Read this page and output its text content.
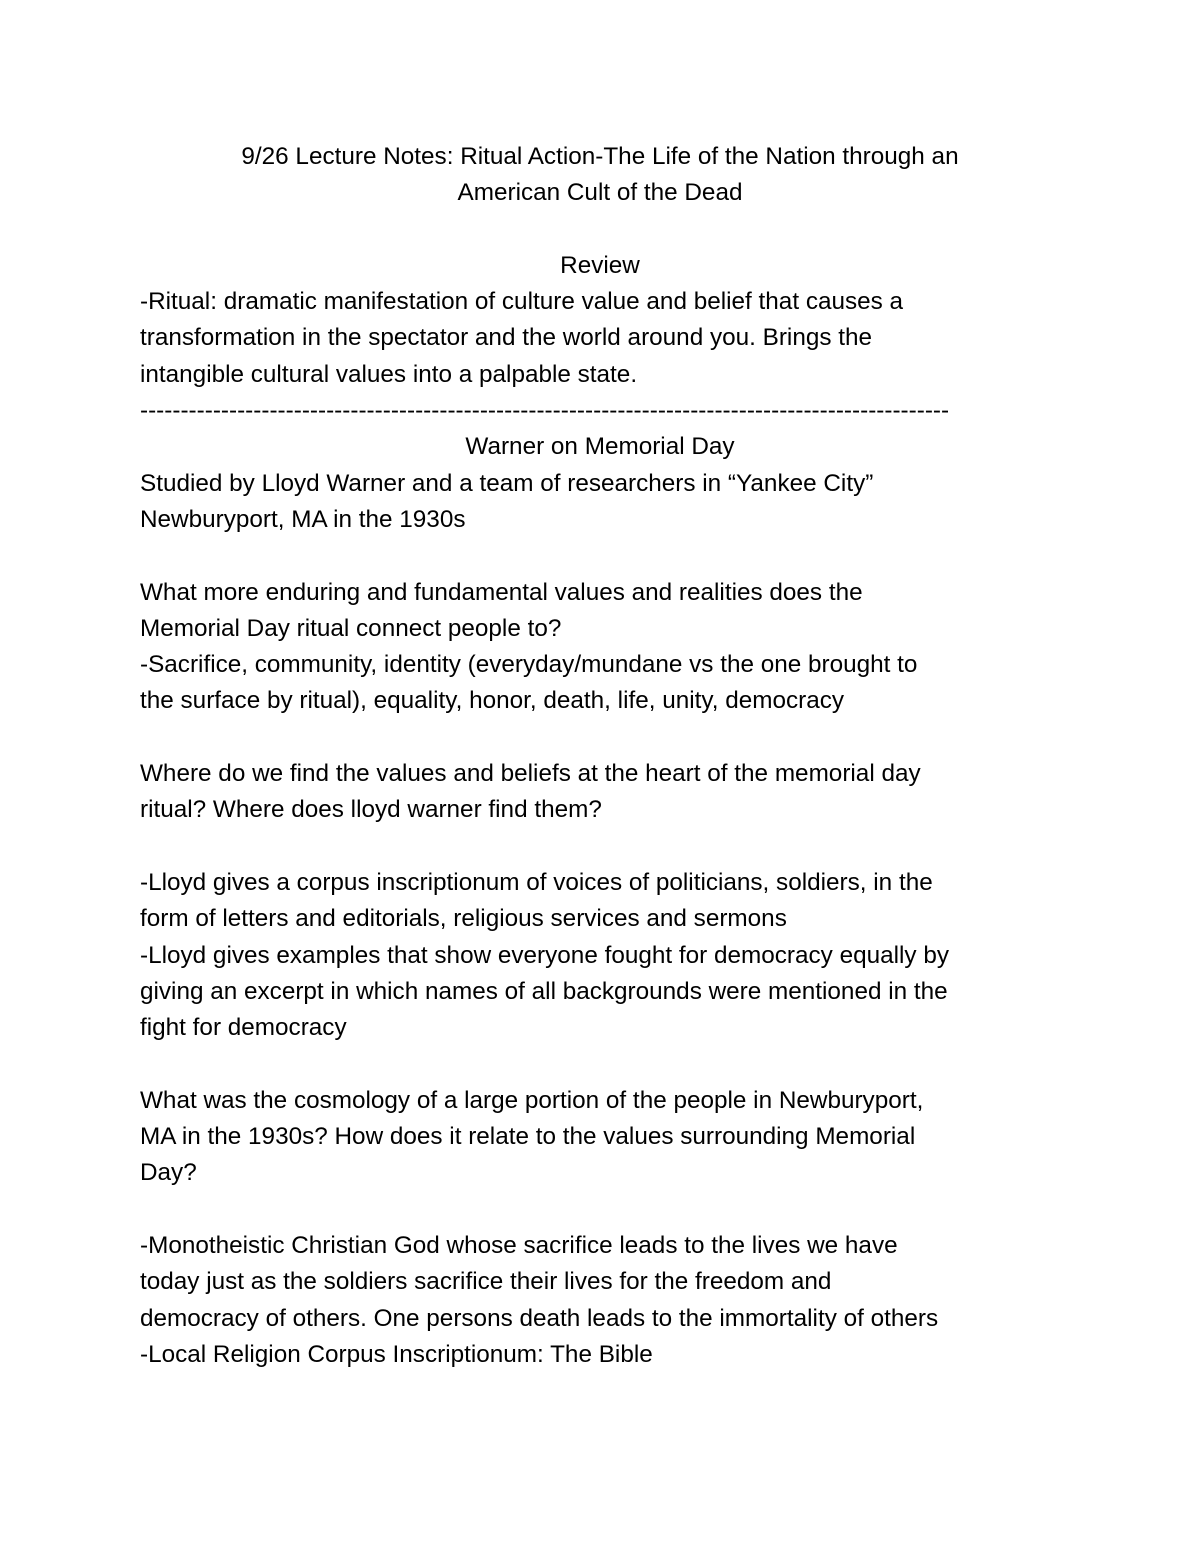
9/26 Lecture Notes: Ritual Action-The Life of the Nation through an
American Cult of the Dead
Review
-Ritual: dramatic manifestation of culture value and belief that causes a
transformation in the spectator and the world around you. Brings the
intangible cultural values into a palpable state.
----------------------------------------------------------------------------------------------------
Warner on Memorial Day
Studied by Lloyd Warner and a team of researchers in “Yankee City”
Newburyport, MA in the 1930s
What more enduring and fundamental values and realities does the
Memorial Day ritual connect people to?
-Sacrifice, community, identity (everyday/mundane vs the one brought to
the surface by ritual), equality, honor, death, life, unity, democracy
Where do we find the values and beliefs at the heart of the memorial day
ritual? Where does lloyd warner find them?
-Lloyd gives a corpus inscriptionum of voices of politicians, soldiers, in the
form of letters and editorials, religious services and sermons
-Lloyd gives examples that show everyone fought for democracy equally by
giving an excerpt in which names of all backgrounds were mentioned in the
fight for democracy
What was the cosmology of a large portion of the people in Newburyport,
MA in the 1930s? How does it relate to the values surrounding Memorial
Day?
-Monotheistic Christian God whose sacrifice leads to the lives we have
today just as the soldiers sacrifice their lives for the freedom and
democracy of others. One persons death leads to the immortality of others
-Local Religion Corpus Inscriptionum: The Bible
